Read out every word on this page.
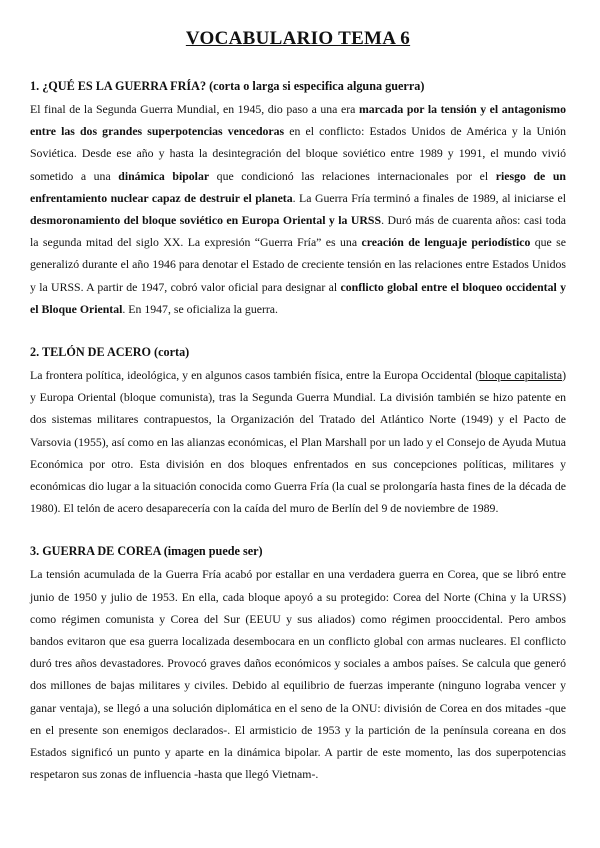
VOCABULARIO TEMA 6
1. ¿QUÉ ES LA GUERRA FRÍA? (corta o larga si especifica alguna guerra)

El final de la Segunda Guerra Mundial, en 1945, dio paso a una era marcada por la tensión y el antagonismo entre las dos grandes superpotencias vencedoras en el conflicto: Estados Unidos de América y la Unión Soviética. Desde ese año y hasta la desintegración del bloque soviético entre 1989 y 1991, el mundo vivió sometido a una dinámica bipolar que condicionó las relaciones internacionales por el riesgo de un enfrentamiento nuclear capaz de destruir el planeta. La Guerra Fría terminó a finales de 1989, al iniciarse el desmoronamiento del bloque soviético en Europa Oriental y la URSS. Duró más de cuarenta años: casi toda la segunda mitad del siglo XX. La expresión “Guerra Fría” es una creación de lenguaje periodístico que se generalizó durante el año 1946 para denotar el Estado de creciente tensión en las relaciones entre Estados Unidos y la URSS. A partir de 1947, cobró valor oficial para designar al conflicto global entre el bloqueo occidental y el Bloque Oriental. En 1947, se oficializa la guerra.

2. TELÓN DE ACERO (corta)

La frontera política, ideológica, y en algunos casos también física, entre la Europa Occidental (bloque capitalista) y Europa Oriental (bloque comunista), tras la Segunda Guerra Mundial. La división también se hizo patente en dos sistemas militares contrapuestos, la Organización del Tratado del Atlántico Norte (1949) y el Pacto de Varsovia (1955), así como en las alianzas económicas, el Plan Marshall por un lado y el Consejo de Ayuda Mutua Económica por otro. Esta división en dos bloques enfrentados en sus concepciones políticas, militares y económicas dio lugar a la situación conocida como Guerra Fría (la cual se prolongaría hasta fines de la década de 1980). El telón de acero desaparecería con la caída del muro de Berlín del 9 de noviembre de 1989.

3. GUERRA DE COREA (imagen puede ser)

La tensión acumulada de la Guerra Fría acabó por estallar en una verdadera guerra en Corea, que se libró entre junio de 1950 y julio de 1953. En ella, cada bloque apoyó a su protegido: Corea del Norte (China y la URSS) como régimen comunista y Corea del Sur (EEUU y sus aliados) como régimen prooccidental. Pero ambos bandos evitaron que esa guerra localizada desembocara en un conflicto global con armas nucleares. El conflicto duró tres años devastadores. Provocó graves daños económicos y sociales a ambos países. Se calcula que generó dos millones de bajas militares y civiles. Debido al equilibrio de fuerzas imperante (ninguno lograba vencer y ganar ventaja), se llegó a una solución diplomática en el seno de la ONU: división de Corea en dos mitades -que en el presente son enemigos declarados-. El armisticio de 1953 y la partición de la península coreana en dos Estados significó un punto y aparte en la dinámica bipolar. A partir de este momento, las dos superpotencias respetaron sus zonas de influencia -hasta que llegó Vietnam-.
